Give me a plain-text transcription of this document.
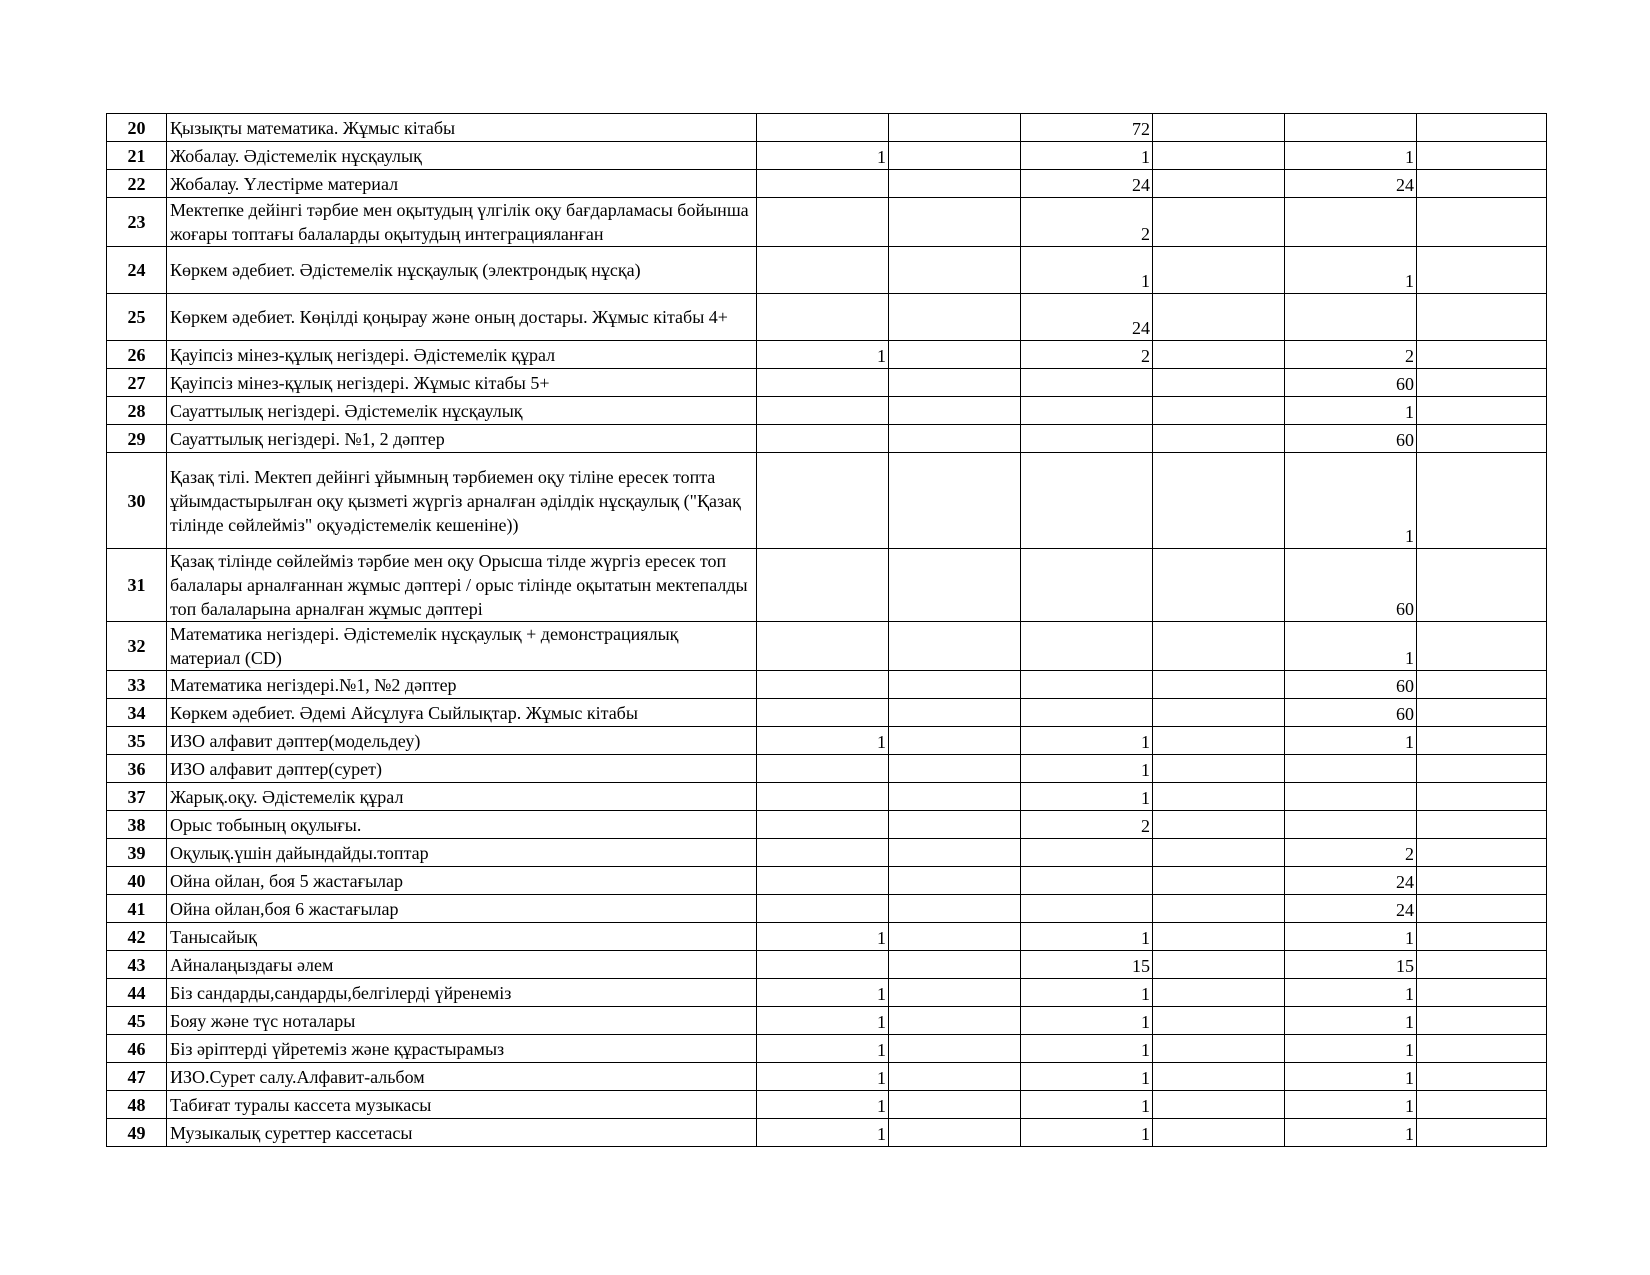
20	Қызықты математика. Жұмыс кітабы			72			
21	Жобалау. Әдістемелік нұсқаулық	1		1		1	
22	Жобалау. Үлестірме материал			24		24	
23	Мектепке дейінгі тәрбие мен оқытудың үлгілік оқу бағдарламасы бойынша жоғары топтағы балаларды оқытудың интеграцияланған			2			
24	Көркем әдебиет. Әдістемелік нұсқаулық (электрондық нұсқа)			1		1	
25	Көркем әдебиет. Көңілді қоңырау және оның достары. Жұмыс кітабы 4+			24			
26	Қауіпсіз мінез-құлық негіздері. Әдістемелік құрал	1		2		2	
27	Қауіпсіз мінез-құлық негіздері. Жұмыс кітабы 5+					60	
28	Сауаттылық негіздері. Әдістемелік нұсқаулық					1	
29	Сауаттылық негіздері. №1, 2 дәптер					60	
30	Қазақ тілі. Мектеп дейінгі ұйымның тәрбиемен оқу тіліне ересек топта ұйымдастырылған оқу қызметі жүргіз арналған әділдік нұсқаулық ("Қазақ тілінде сөйлейміз" оқуәдістемелік кешеніне))					1	
31	Қазақ тілінде сөйлейміз тәрбие мен оқу Орысша тілде жүргіз ересек топ балалары арналғаннан жұмыс дәптері / орыс тілінде оқытатын мектепалды топ балаларына арналған жұмыс дәптері					60	
32	Математика негіздері. Әдістемелік нұсқаулық + демонстрациялық материал (CD)					1	
33	Математика негіздері.№1, №2 дәптер					60	
34	Көркем әдебиет. Әдемі Айсұлуға Сыйлықтар. Жұмыс кітабы					60	
35	ИЗО алфавит дәптер(модельдеу)	1		1		1	
36	ИЗО алфавит дәптер(сурет)			1			
37	Жарық.оқу. Әдістемелік құрал			1			
38	Орыс тобының оқулығы.			2			
39	Оқулық.үшін дайындайды.топтар					2	
40	Ойна ойлан, боя 5 жастағылар					24	
41	Ойна ойлан,боя 6 жастағылар					24	
42	Танысайық	1		1		1	
43	Айналаңыздағы әлем			15		15	
44	Біз сандарды,сандарды,белгілерді үйренеміз	1		1		1	
45	Бояу және түс ноталары	1		1		1	
46	Біз әріптерді үйретеміз және құрастырамыз	1		1		1	
47	ИЗО.Сурет салу.Алфавит-альбом	1		1		1	
48	Табиғат туралы кассета музыкасы	1		1		1	
49	Музыкалық суреттер кассетасы	1		1		1	
